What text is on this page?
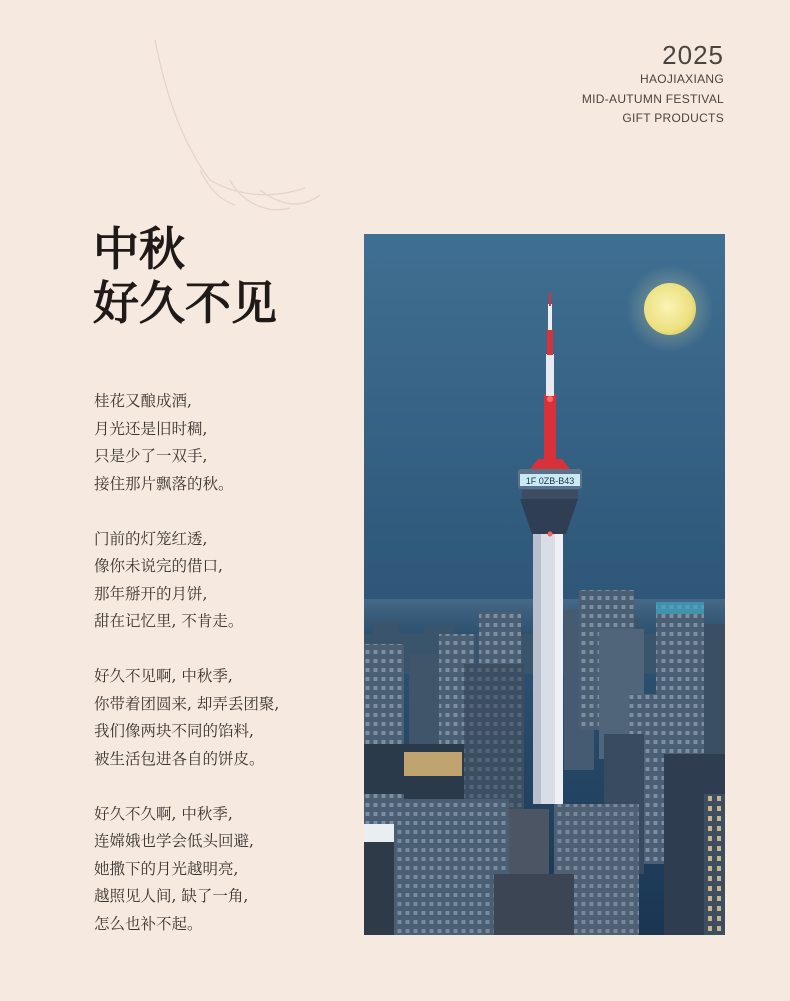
2025
HAOJIAXIANG
MID-AUTUMN FESTIVAL
GIFT PRODUCTS
中秋
好久不见
桂花又酿成酒,
月光还是旧时稠,
只是少了一双手,
接住那片飘落的秋。
门前的灯笼红透,
像你未说完的借口,
那年掰开的月饼,
甜在记忆里, 不肯走。
好久不见啊, 中秋季,
你带着团圆来, 却弄丢团聚,
我们像两块不同的馅料,
被生活包进各自的饼皮。
好久不久啊, 中秋季,
连嫦娥也学会低头回避,
她撒下的月光越明亮,
越照见人间, 缺了一角,
怎么也补不起。
1F 0ZB-B43
